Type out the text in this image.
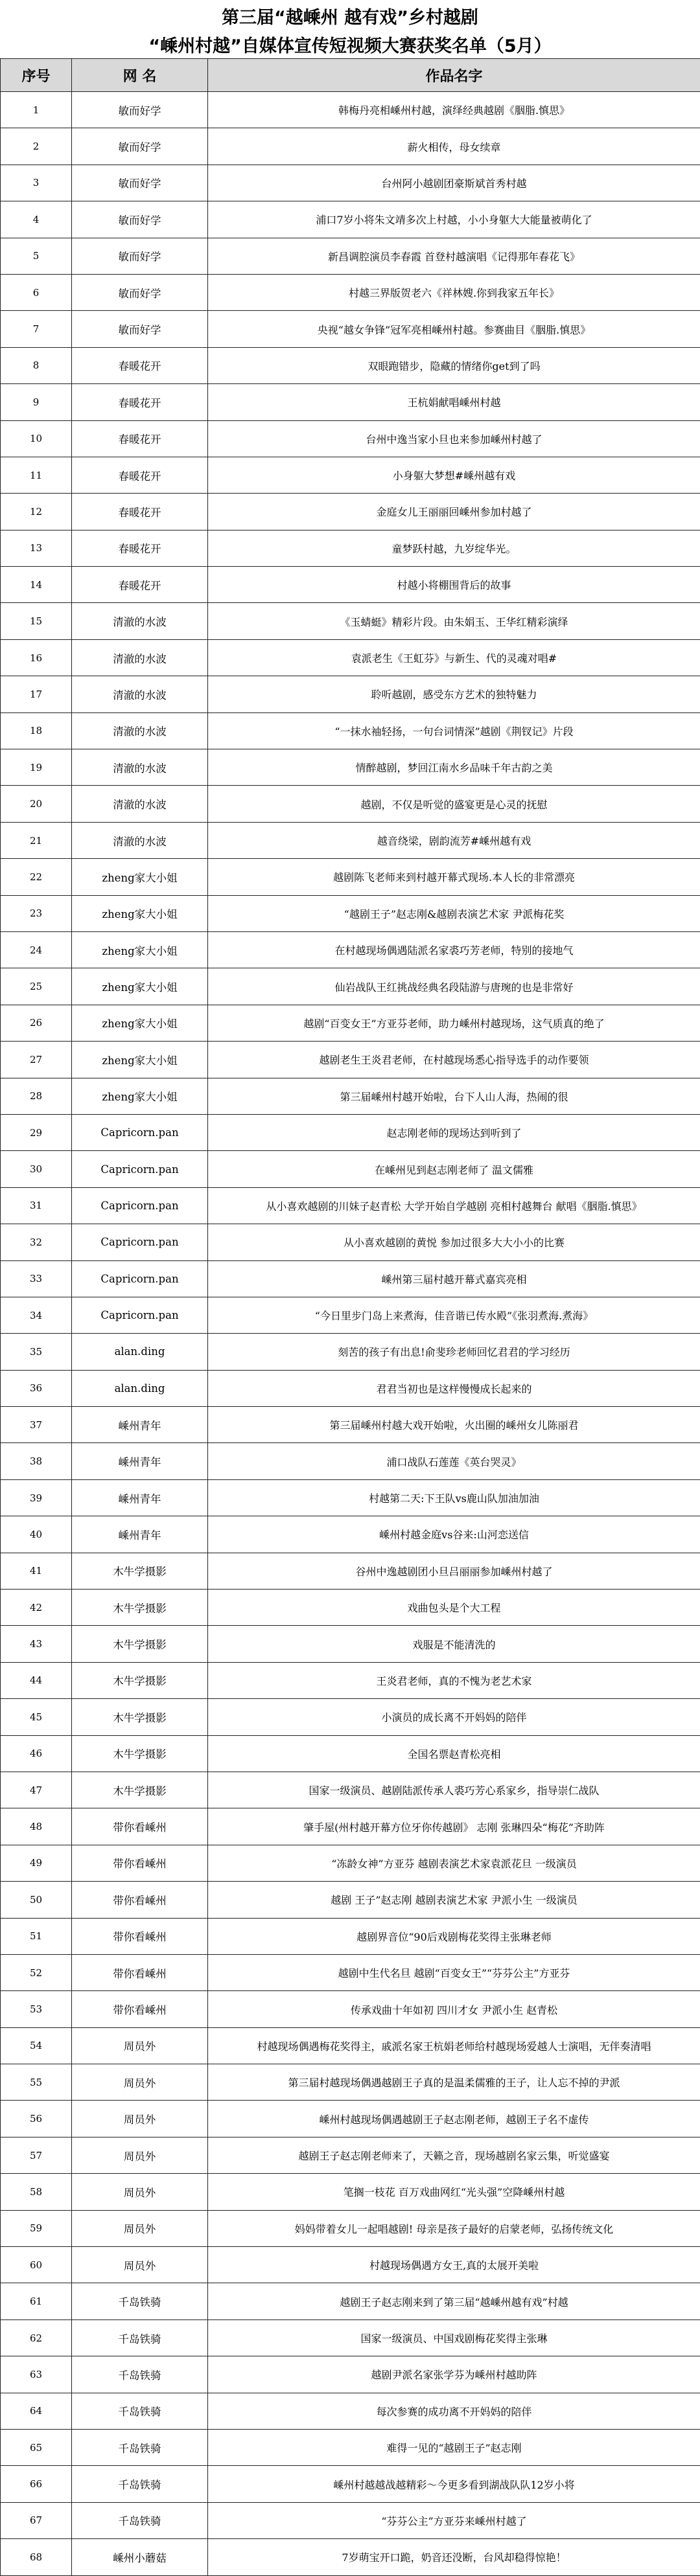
第三届“越嵊州 越有戏”乡村越剧
“嵊州村越”自媒体宣传短视频大赛获奖名单（5月）
序号	网 名	作品名字
1	敏而好学	韩梅丹亮相嵊州村越，演绎经典越剧《胭脂.慎思》
2	敏而好学	薪火相传，母女续章
3	敏而好学	台州阿小越剧团豪斯斌首秀村越
4	敏而好学	浦口7岁小将朱文靖多次上村越，小小身躯大大能量被萌化了
5	敏而好学	新昌调腔演员李春霞 首登村越演唱《记得那年春花飞》
6	敏而好学	村越三界版贺老六《祥林嫂.你到我家五年长》
7	敏而好学	央视“越女争锋”冠军亮相嵊州村越。参赛曲目《胭脂.慎思》
8	春暖花开	双眼跑错步，隐藏的情绪你get到了吗
9	春暖花开	王杭娟献唱嵊州村越
10	春暖花开	台州中逸当家小旦也来参加嵊州村越了
11	春暖花开	小身躯大梦想#嵊州越有戏
12	春暖花开	金庭女儿王丽丽回嵊州参加村越了
13	春暖花开	童梦跃村越，九岁绽华光。
14	春暖花开	村越小将棚围背后的故事
15	清澈的水波	《玉蜻蜓》精彩片段。由朱娟玉、王华红精彩演绎
16	清澈的水波	袁派老生《王虹芬》与新生、代的灵魂对唱#
17	清澈的水波	聆听越剧，感受东方艺术的独特魅力
18	清澈的水波	“一抹水袖轻扬，一句台词情深”越剧《荆钗记》片段
19	清澈的水波	情醉越剧，梦回江南水乡品味千年古韵之美
20	清澈的水波	越剧，不仅是听觉的盛宴更是心灵的抚慰
21	清澈的水波	越音绕梁，剧韵流芳#嵊州越有戏
22	zheng家大小姐	越剧陈飞老师来到村越开幕式现场.本人长的非常漂亮
23	zheng家大小姐	“越剧王子”赵志刚&越剧表演艺术家 尹派梅花奖
24	zheng家大小姐	在村越现场偶遇陆派名家裘巧芳老师，特别的接地气
25	zheng家大小姐	仙岩战队王红挑战经典名段陆游与唐琬的也是非常好
26	zheng家大小姐	越剧“百变女王”方亚芬老师，助力嵊州村越现场，这气质真的绝了
27	zheng家大小姐	越剧老生王炎君老师，在村越现场悉心指导选手的动作要领
28	zheng家大小姐	第三届嵊州村越开始啦，台下人山人海，热闹的很
29	Capricorn.pan	赵志刚老师的现场达到听到了
30	Capricorn.pan	在嵊州见到赵志刚老师了 温文儒雅
31	Capricorn.pan	从小喜欢越剧的川妹子赵青松 大学开始自学越剧 亮相村越舞台 献唱《胭脂.慎思》
32	Capricorn.pan	从小喜欢越剧的黄悦 参加过很多大大小小的比赛
33	Capricorn.pan	嵊州第三届村越开幕式嘉宾亮相
34	Capricorn.pan	“今日里步门岛上来煮海，佳音谐已传水殿”《张羽煮海.煮海》
35	alan.ding	刻苦的孩子有出息!俞斐珍老师回忆君君的学习经历
36	alan.ding	君君当初也是这样慢慢成长起来的
37	嵊州青年	第三届嵊州村越大戏开始啦，火出圈的嵊州女儿陈丽君
38	嵊州青年	浦口战队石莲莲《英台哭灵》
39	嵊州青年	村越第二天:下王队vs鹿山队加油加油
40	嵊州青年	嵊州村越金庭vs谷来:山河恋送信
41	木牛学摄影	谷州中逸越剧团小旦吕丽丽参加嵊州村越了
42	木牛学摄影	戏曲包头是个大工程
43	木牛学摄影	戏服是不能清洗的
44	木牛学摄影	王炎君老师，真的不愧为老艺术家
45	木牛学摄影	小演员的成长离不开妈妈的陪伴
46	木牛学摄影	全国名票赵青松亮相
47	木牛学摄影	国家一级演员、越剧陆派传承人裘巧芳心系家乡，指导崇仁战队
48	带你看嵊州	肇手屋(州村越开幕方位牙你传越剧》 志刚 张琳四朵“梅花”齐助阵
49	带你看嵊州	“冻龄女神”方亚芬 越剧表演艺术家袁派花旦 一级演员
50	带你看嵊州	越剧 王子”赵志刚 越剧表演艺术家 尹派小生 一级演员
51	带你看嵊州	越剧界音位“90后戏剧梅花奖得主张琳老师
52	带你看嵊州	越剧中生代名旦 越剧“百变女王”“芬芬公主”方亚芬
53	带你看嵊州	传承戏曲十年如初 四川才女 尹派小生 赵青松
54	周员外	村越现场偶遇梅花奖得主，戚派名家王杭娟老师给村越现场爱越人士演唱，无伴奏清唱
55	周员外	第三届村越现场偶遇越剧王子真的是温柔儒雅的王子，让人忘不掉的尹派
56	周员外	嵊州村越现场偶遇越剧王子赵志刚老师，越剧王子名不虚传
57	周员外	越剧王子赵志刚老师来了，天籁之音，现场越剧名家云集，听觉盛宴
58	周员外	笔搁一枝花 百万戏曲网红“光头强”空降嵊州村越
59	周员外	妈妈带着女儿一起唱越剧! 母亲是孩子最好的启蒙老师，弘扬传统文化
60	周员外	村越现场偶遇方女王,真的太展开美啦
61	千岛铁骑	越剧王子赵志刚来到了第三届“越嵊州越有戏”村越
62	千岛铁骑	国家一级演员、中国戏剧梅花奖得主张琳
63	千岛铁骑	越剧尹派名家张学芬为嵊州村越助阵
64	千岛铁骑	每次参赛的成功离不开妈妈的陪伴
65	千岛铁骑	难得一见的“越剧王子”赵志刚
66	千岛铁骑	嵊州村越越战越精彩～今更多看到湖战队队12岁小将
67	千岛铁骑	“芬芬公主”方亚芬来嵊州村越了
68	嵊州小蘑菇	7岁萌宝开口跪，奶音还没断，台风却稳得惊艳！
